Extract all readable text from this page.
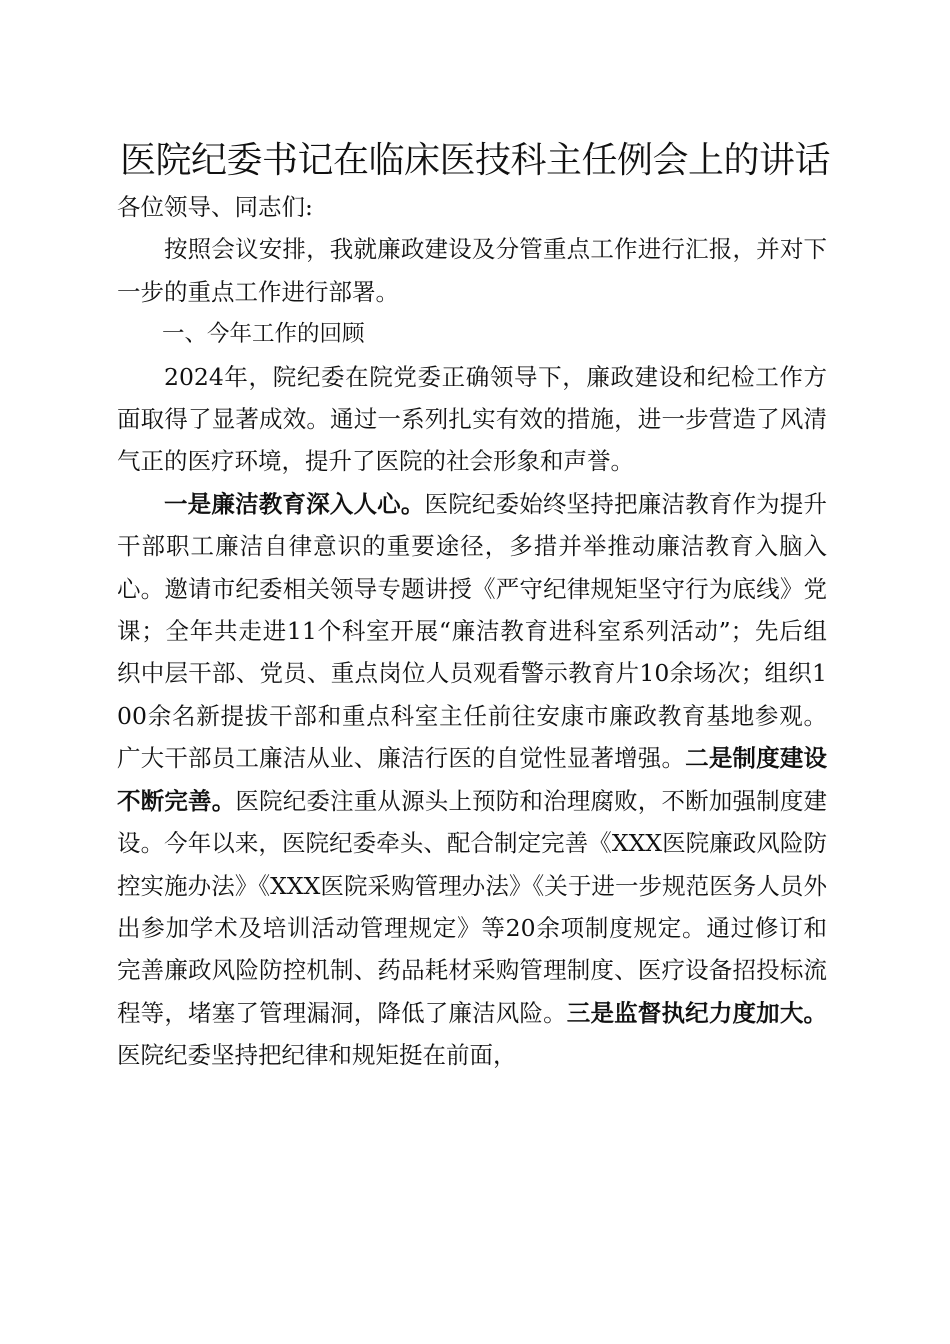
医院纪委书记在临床医技科主任例会上的讲话

各位领导、同志们:

按照会议安排，我就廉政建设及分管重点工作进行汇报，并对下一步的重点工作进行部署。

一、今年工作的回顾

2024年，院纪委在院党委正确领导下，廉政建设和纪检工作方面取得了显著成效。通过一系列扎实有效的措施，进一步营造了风清气正的医疗环境，提升了医院的社会形象和声誉。

一是廉洁教育深入人心。医院纪委始终坚持把廉洁教育作为提升干部职工廉洁自律意识的重要途径，多措并举推动廉洁教育入脑入心。邀请市纪委相关领导专题讲授《严守纪律规矩坚守行为底线》党课；全年共走进11个科室开展“廉洁教育进科室系列活动”；先后组织中层干部、党员、重点岗位人员观看警示教育片10余场次；组织100余名新提拔干部和重点科室主任前往安康市廉政教育基地参观。广大干部员工廉洁从业、廉洁行医的自觉性显著增强。二是制度建设不断完善。医院纪委注重从源头上预防和治理腐败，不断加强制度建设。今年以来，医院纪委牵头、配合制定完善《XXX医院廉政风险防控实施办法》《XXX医院采购管理办法》《关于进一步规范医务人员外出参加学术及培训活动管理规定》等20余项制度规定。通过修订和完善廉政风险防控机制、药品耗材采购管理制度、医疗设备招投标流程等，堵塞了管理漏洞，降低了廉洁风险。三是监督执纪力度加大。医院纪委坚持把纪律和规矩挺在前面，
